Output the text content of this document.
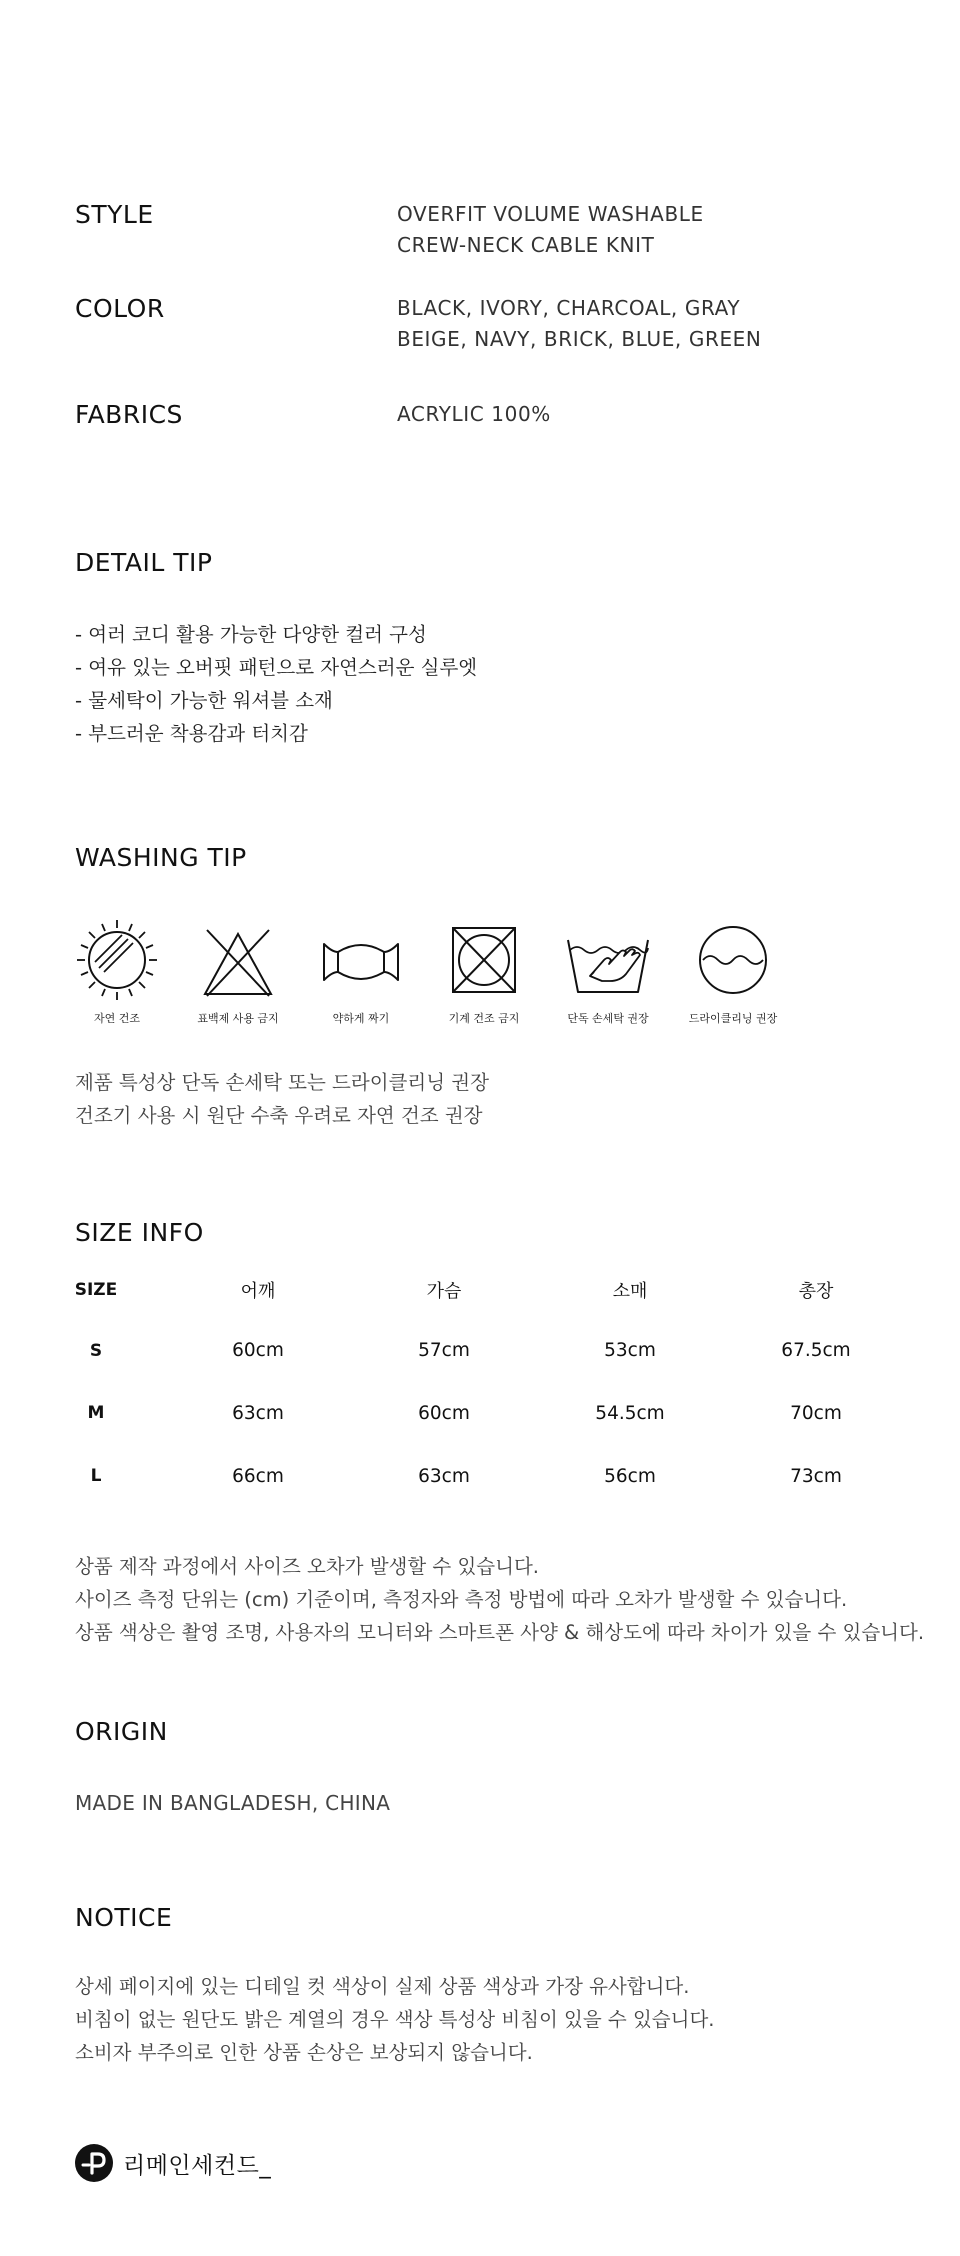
STYLE	OVERFIT VOLUME WASHABLE
CREW-NECK CABLE KNIT
COLOR	BLACK, IVORY, CHARCOAL, GRAY
BEIGE, NAVY, BRICK, BLUE, GREEN
FABRICS	ACRYLIC 100%
DETAIL TIP
- 여러 코디 활용 가능한 다양한 컬러 구성
- 여유 있는 오버핏 패턴으로 자연스러운 실루엣
- 물세탁이 가능한 워셔블 소재
- 부드러운 착용감과 터치감
WASHING TIP
자연 건조	표백제 사용 금지	약하게 짜기	기계 건조 금지	단독 손세탁 권장	드라이클리닝 권장
제품 특성상 단독 손세탁 또는 드라이클리닝 권장
건조기 사용 시 원단 수축 우려로 자연 건조 권장
SIZE INFO
SIZE	어깨	가슴	소매	총장
S	60cm	57cm	53cm	67.5cm
M	63cm	60cm	54.5cm	70cm
L	66cm	63cm	56cm	73cm
상품 제작 과정에서 사이즈 오차가 발생할 수 있습니다.
사이즈 측정 단위는 (cm) 기준이며, 측정자와 측정 방법에 따라 오차가 발생할 수 있습니다.
상품 색상은 촬영 조명, 사용자의 모니터와 스마트폰 사양 & 해상도에 따라 차이가 있을 수 있습니다.
ORIGIN
MADE IN BANGLADESH, CHINA
NOTICE
상세 페이지에 있는 디테일 컷 색상이 실제 상품 색상과 가장 유사합니다.
비침이 없는 원단도 밝은 계열의 경우 색상 특성상 비침이 있을 수 있습니다.
소비자 부주의로 인한 상품 손상은 보상되지 않습니다.
리메인세컨드_
